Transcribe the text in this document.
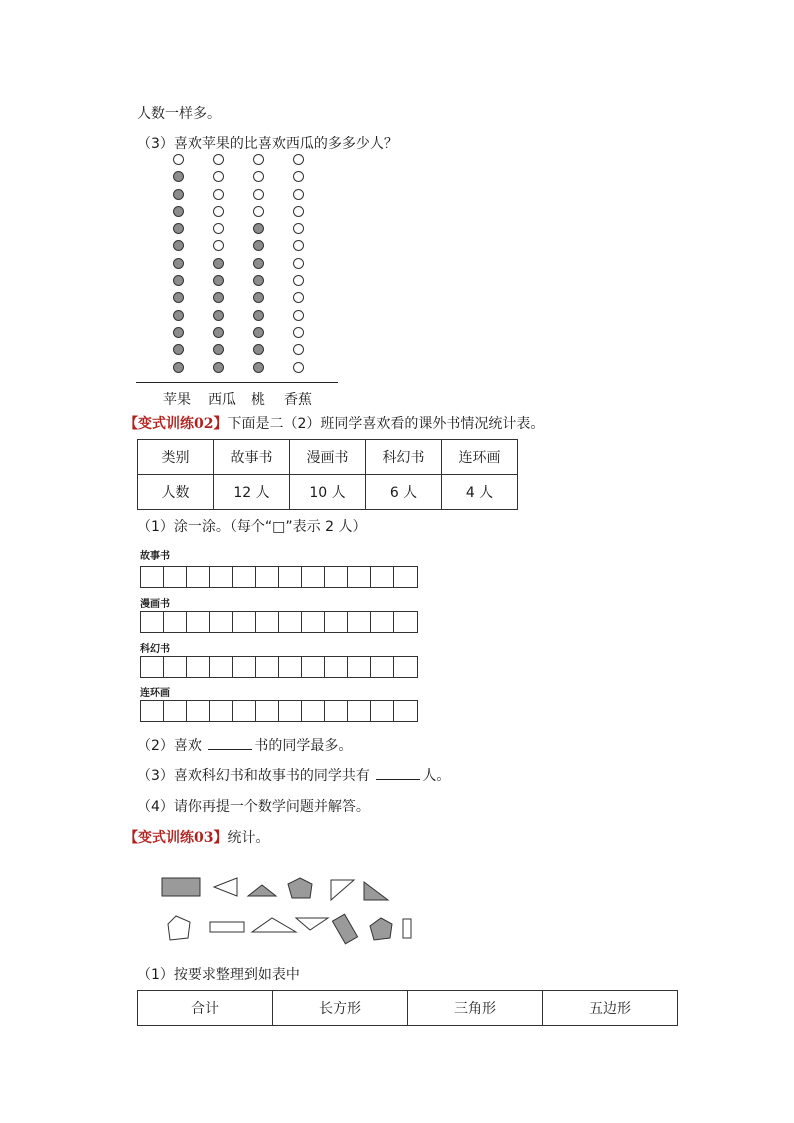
人数一样多。
（3）喜欢苹果的比喜欢西瓜的多多少人？
苹果 西瓜 桃 香蕉
【变式训练02】下面是二（2）班同学喜欢看的课外书情况统计表。
类别	故事书	漫画书	科幻书	连环画
人数	12 人	10 人	6 人	4 人
（1）涂一涂。（每个“□”表示 2 人）
故事书
漫画书
科幻书
连环画
（2）喜欢	书的同学最多。
（3）喜欢科幻书和故事书的同学共有	人。
（4）请你再提一个数学问题并解答。
【变式训练03】统计。
（1）按要求整理到如表中
合计	长方形	三角形	五边形
